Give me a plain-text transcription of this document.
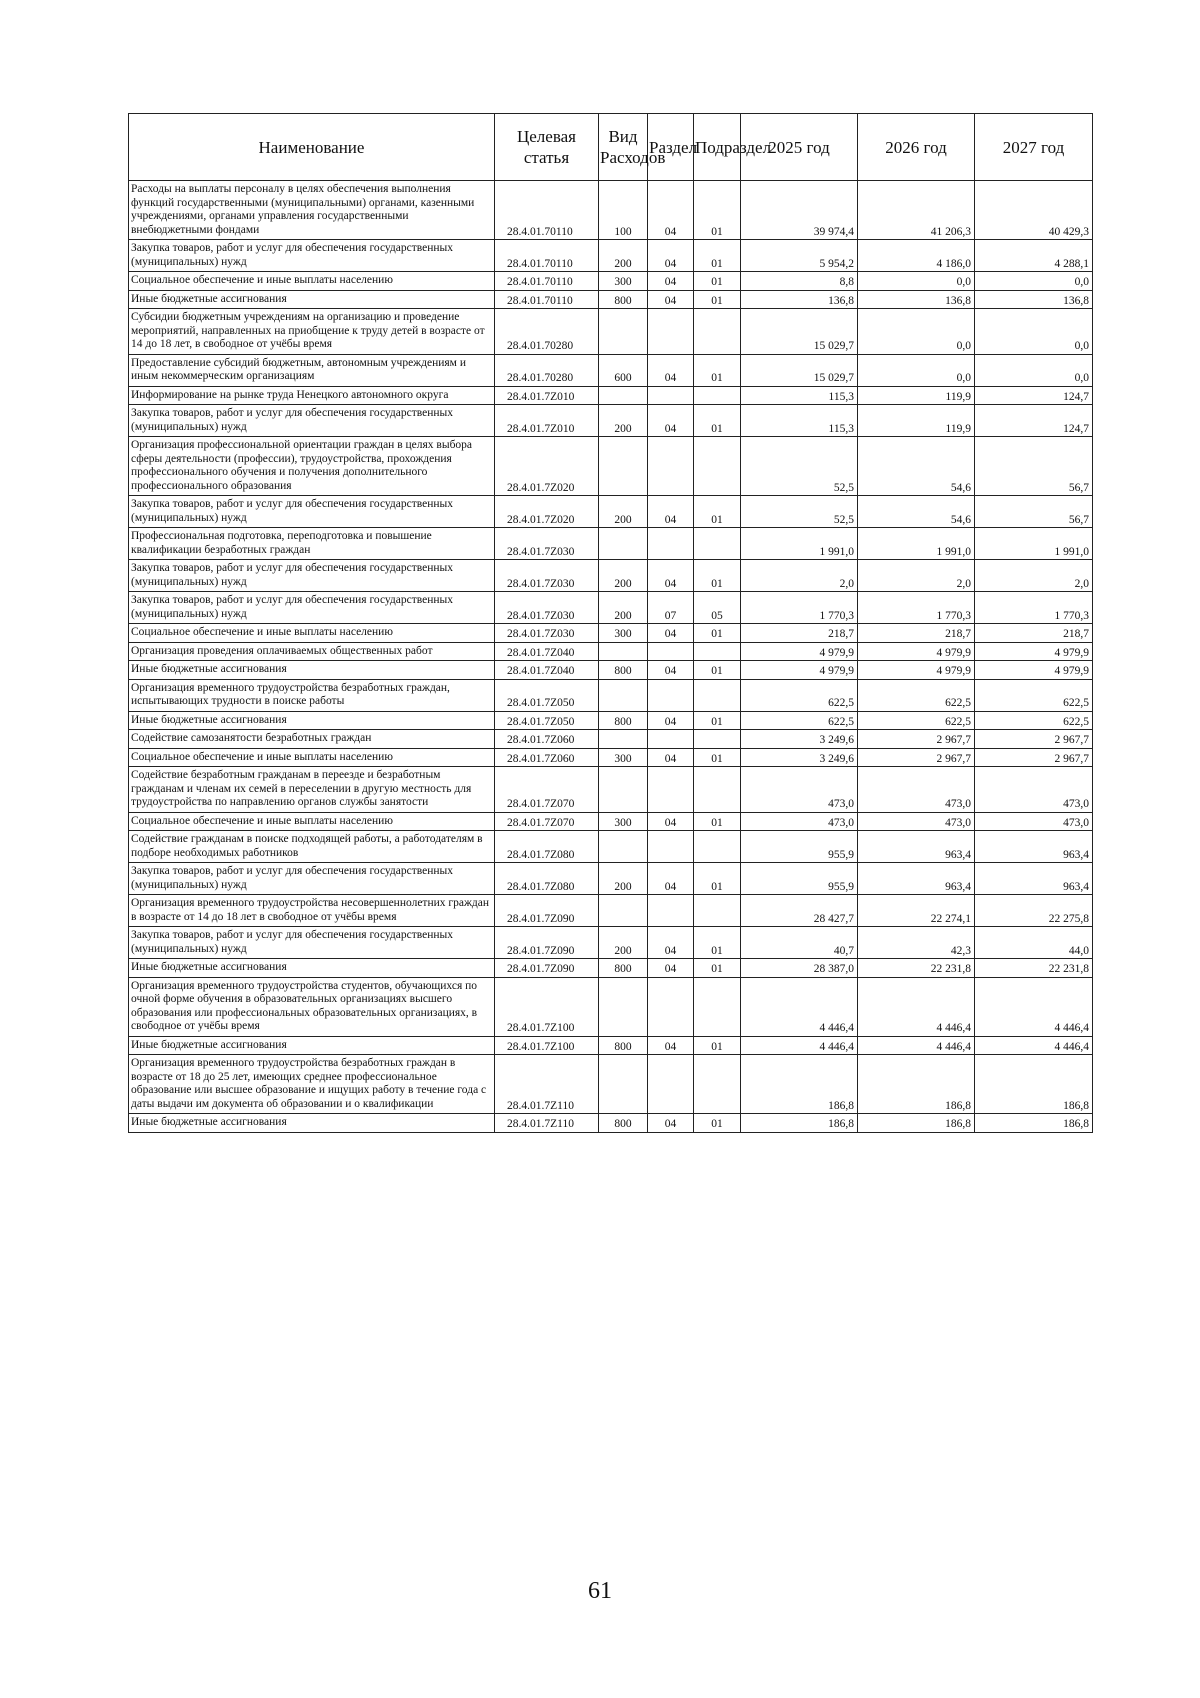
Наименование	Целевая статья	Вид Расходов	Раздел	Подраздел	2025 год	2026 год	2027 год
Расходы на выплаты персоналу в целях обеспечения выполнения функций государственными (муниципальными) органами, казенными учреждениями, органами управления государственными внебюджетными фондами	28.4.01.70110	100	04	01	39 974,4	41 206,3	40 429,3
Закупка товаров, работ и услуг для обеспечения государственных (муниципальных) нужд	28.4.01.70110	200	04	01	5 954,2	4 186,0	4 288,1
Социальное обеспечение и иные выплаты населению	28.4.01.70110	300	04	01	8,8	0,0	0,0
Иные бюджетные ассигнования	28.4.01.70110	800	04	01	136,8	136,8	136,8
Субсидии бюджетным учреждениям на организацию и проведение мероприятий, направленных на приобщение к труду детей в возрасте от 14 до 18 лет, в свободное от учёбы время	28.4.01.70280				15 029,7	0,0	0,0
Предоставление субсидий бюджетным, автономным учреждениям и иным некоммерческим организациям	28.4.01.70280	600	04	01	15 029,7	0,0	0,0
Информирование на рынке труда Ненецкого автономного округа	28.4.01.7Z010				115,3	119,9	124,7
Закупка товаров, работ и услуг для обеспечения государственных (муниципальных) нужд	28.4.01.7Z010	200	04	01	115,3	119,9	124,7
Организация профессиональной ориентации граждан в целях выбора сферы деятельности (профессии), трудоустройства, прохождения профессионального обучения и получения дополнительного профессионального образования	28.4.01.7Z020				52,5	54,6	56,7
Закупка товаров, работ и услуг для обеспечения государственных (муниципальных) нужд	28.4.01.7Z020	200	04	01	52,5	54,6	56,7
Профессиональная подготовка, переподготовка и повышение квалификации безработных граждан	28.4.01.7Z030				1 991,0	1 991,0	1 991,0
Закупка товаров, работ и услуг для обеспечения государственных (муниципальных) нужд	28.4.01.7Z030	200	04	01	2,0	2,0	2,0
Закупка товаров, работ и услуг для обеспечения государственных (муниципальных) нужд	28.4.01.7Z030	200	07	05	1 770,3	1 770,3	1 770,3
Социальное обеспечение и иные выплаты населению	28.4.01.7Z030	300	04	01	218,7	218,7	218,7
Организация проведения оплачиваемых общественных работ	28.4.01.7Z040				4 979,9	4 979,9	4 979,9
Иные бюджетные ассигнования	28.4.01.7Z040	800	04	01	4 979,9	4 979,9	4 979,9
Организация временного трудоустройства безработных граждан, испытывающих трудности в поиске работы	28.4.01.7Z050				622,5	622,5	622,5
Иные бюджетные ассигнования	28.4.01.7Z050	800	04	01	622,5	622,5	622,5
Содействие самозанятости безработных граждан	28.4.01.7Z060				3 249,6	2 967,7	2 967,7
Социальное обеспечение и иные выплаты населению	28.4.01.7Z060	300	04	01	3 249,6	2 967,7	2 967,7
Содействие безработным гражданам в переезде и безработным гражданам и членам их семей в переселении в другую местность для трудоустройства по направлению органов службы занятости	28.4.01.7Z070				473,0	473,0	473,0
Социальное обеспечение и иные выплаты населению	28.4.01.7Z070	300	04	01	473,0	473,0	473,0
Содействие гражданам в поиске подходящей работы, а работодателям в подборе необходимых работников	28.4.01.7Z080				955,9	963,4	963,4
Закупка товаров, работ и услуг для обеспечения государственных (муниципальных) нужд	28.4.01.7Z080	200	04	01	955,9	963,4	963,4
Организация временного трудоустройства несовершеннолетних граждан в возрасте от 14 до 18 лет в свободное от учёбы время	28.4.01.7Z090				28 427,7	22 274,1	22 275,8
Закупка товаров, работ и услуг для обеспечения государственных (муниципальных) нужд	28.4.01.7Z090	200	04	01	40,7	42,3	44,0
Иные бюджетные ассигнования	28.4.01.7Z090	800	04	01	28 387,0	22 231,8	22 231,8
Организация временного трудоустройства студентов, обучающихся по очной форме обучения в образовательных организациях высшего образования или профессиональных образовательных организациях, в свободное от учёбы время	28.4.01.7Z100				4 446,4	4 446,4	4 446,4
Иные бюджетные ассигнования	28.4.01.7Z100	800	04	01	4 446,4	4 446,4	4 446,4
Организация временного трудоустройства безработных граждан в возрасте от 18 до 25 лет, имеющих среднее профессиональное образование или высшее образование и ищущих работу в течение года с даты выдачи им документа об образовании и о квалификации	28.4.01.7Z110				186,8	186,8	186,8
Иные бюджетные ассигнования	28.4.01.7Z110	800	04	01	186,8	186,8	186,8
61
